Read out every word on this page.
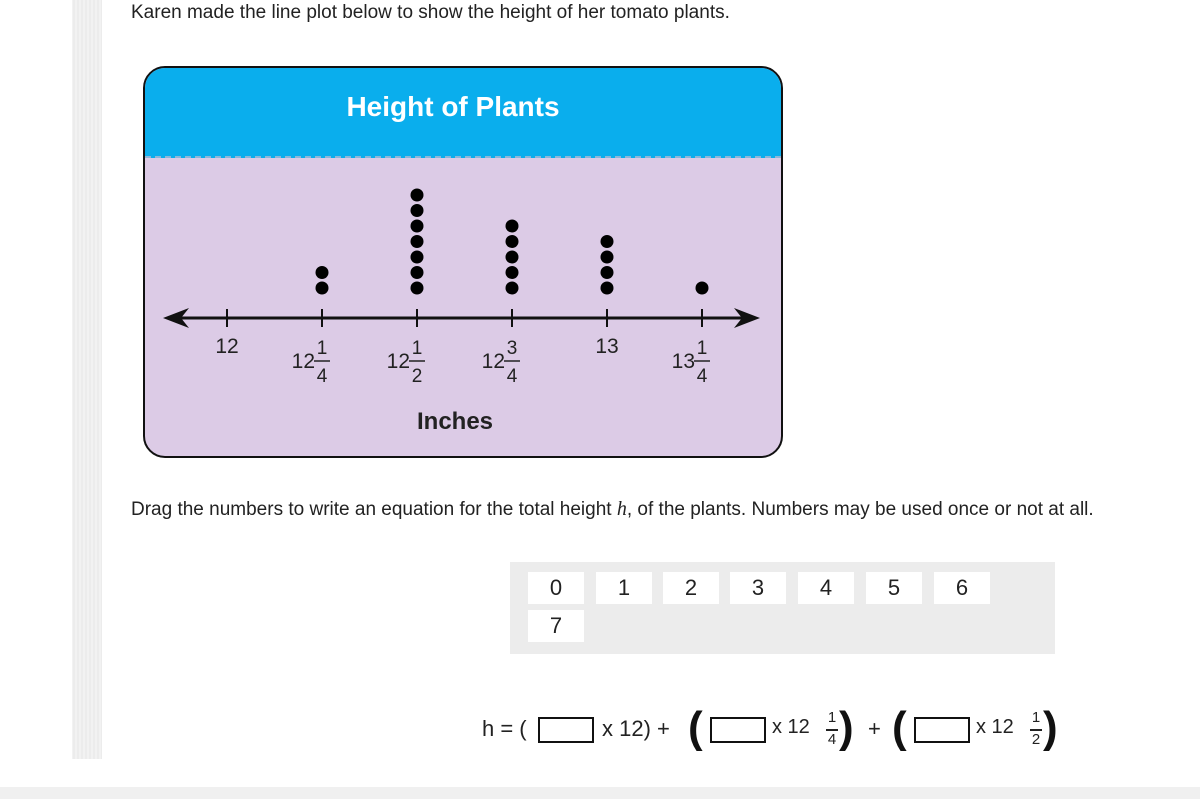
Karen made the line plot below to show the height of her tomato plants.
Height of Plants
12
12
1
4
12
1
2
12
3
4
13
13
1
4
Inches
Drag the numbers to write an equation for the total height h, of the plants. Numbers may be used once or not at all.
0	1	2	3	4	5	6
7
h = (	x 12) + (	x 12 1
4 ) + (	x 12 1
2 )
